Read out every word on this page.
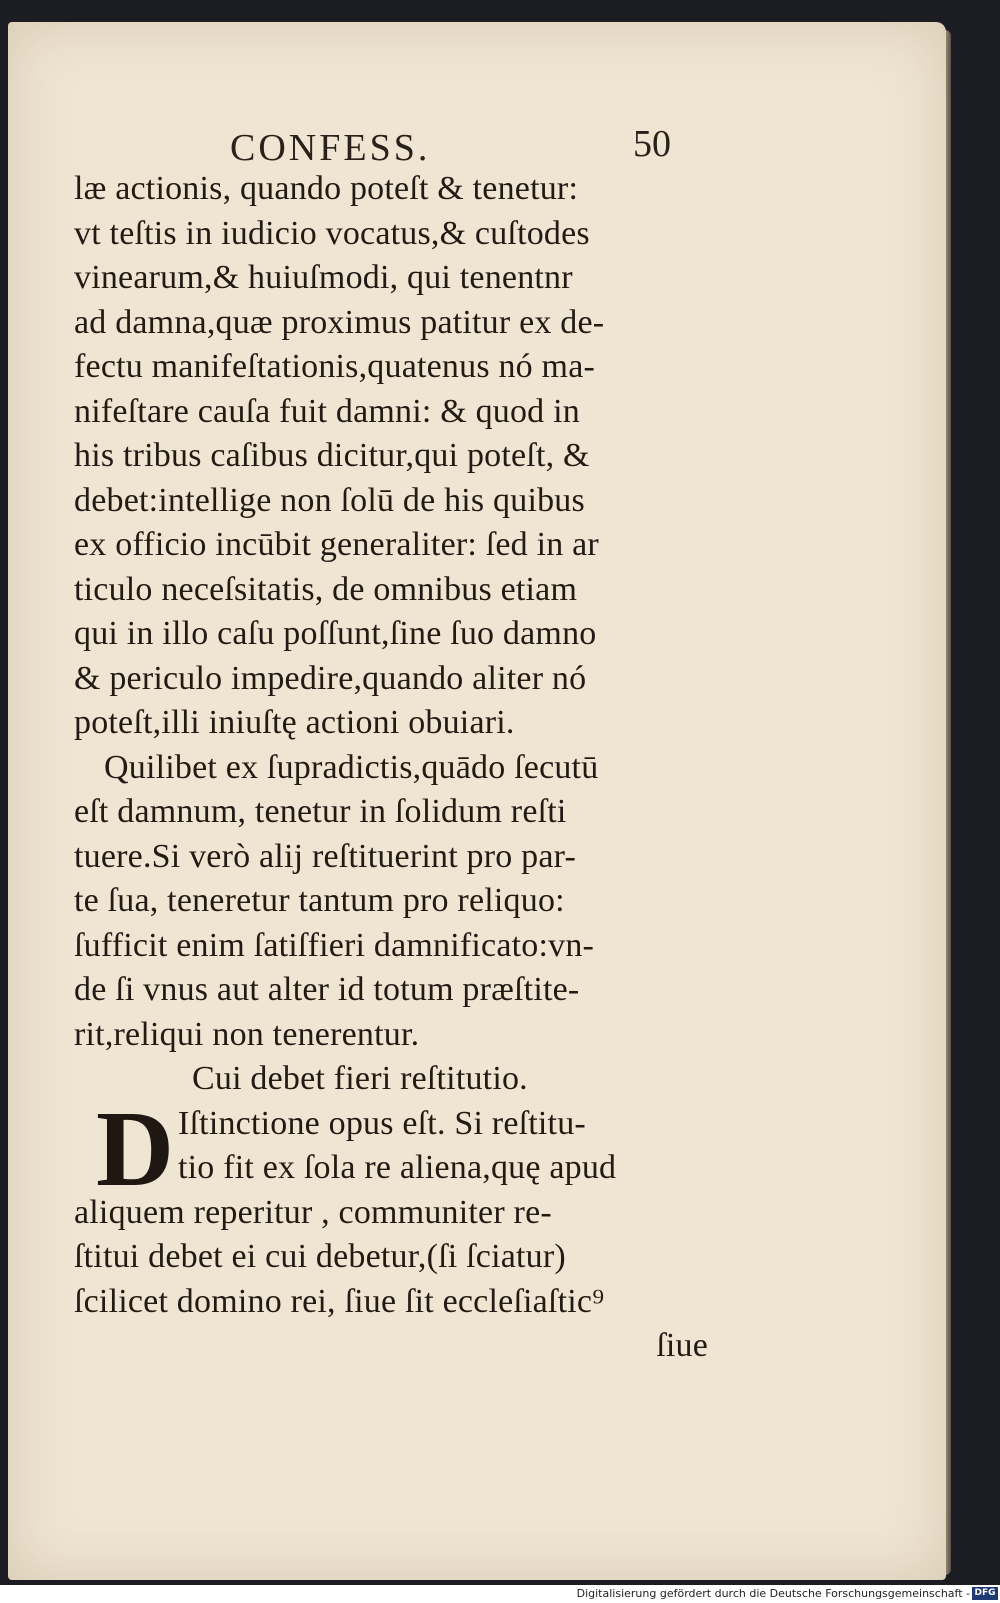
CONFESS.	50
læ actionis, quando poteſt & tenetur:
vt teſtis in iudicio vocatus,& cuſtodes
vinearum,& huiuſmodi, qui tenentnr
ad damna,quæ proximus patitur ex de-
fectu manifeſtationis,quatenus nó ma-
nifeſtare cauſa fuit damni: & quod in
his tribus caſibus dicitur,qui poteſt, &
debet:intellige non ſolū de his quibus
ex officio incūbit generaliter: ſed in ar
ticulo neceſsitatis, de omnibus etiam
qui in illo caſu poſſunt,ſine ſuo damno
& periculo impedire,quando aliter nó
poteſt,illi iniuſtę actioni obuiari.
Quilibet ex ſupradictis,quādo ſecutū
eſt damnum, tenetur in ſolidum reſti
tuere.Si verò alij reſtituerint pro par-
te ſua, teneretur tantum pro reliquo:
ſufficit enim ſatiſfieri damnificato:vn-
de ſi vnus aut alter id totum præſtite-
rit,reliqui non tenerentur.
Cui debet fieri reſtitutio.
D Iſtinctione opus eſt. Si reſtitu-
tio fit ex ſola re aliena,quę apud
aliquem reperitur , communiter re-
ſtitui debet ei cui debetur,(ſi ſciatur)
ſcilicet domino rei, ſiue ſit eccleſiaſtic⁹
ſiue
Digitalisierung gefördert durch die Deutsche Forschungsgemeinschaft - DFG
